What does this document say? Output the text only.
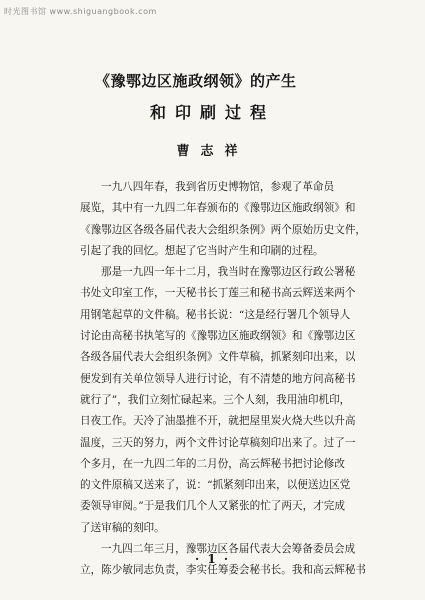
时光图书馆 www.shiguangbook.com
《豫鄂边区施政纲领》的产生
和印刷过程
曹志祥
一九八四年春，我到省历史博物馆，参观了革命员
展览，其中有一九四二年春颁布的《豫鄂边区施政纲领》和
《豫鄂边区各级各届代表大会组织条例》两个原始历史文件，
引起了我的回忆。想起了它当时产生和印刷的过程。
那是一九四一年十二月，我当时在豫鄂边区行政公署秘
书处文印室工作，一天秘书长丁莲三和秘书高云辉送来两个
用钢笔起草的文件稿。秘书长说：“这是经行署几个领导人
讨论由高秘书执笔写的《豫鄂边区施政纲领》和《豫鄂边区
各级各届代表大会组织条例》文件草稿，抓紧刻印出来，以
便发到有关单位领导人进行讨论，有不清楚的地方问高秘书
就行了”，我们立刻忙碌起来。三个人刻，我用油印机印，
日夜工作。天冷了油墨推不开，就把屋里炭火烧大些以升高
温度，三天的努力，两个文件讨论草稿刻印出来了。过了一
个多月，在一九四二年的二月份，高云辉秘书把讨论修改
的文件原稿又送来了，说：“抓紧刻印出来，以便送边区党
委领导审阅。”于是我们几个人又紧张的忙了两天，才完成
了送审稿的刻印。
一九四二年三月，豫鄂边区各届代表大会筹备委员会成
立，陈少敏同志负责，李实任筹委会秘书长。我和高云辉秘书
· 1 ·
